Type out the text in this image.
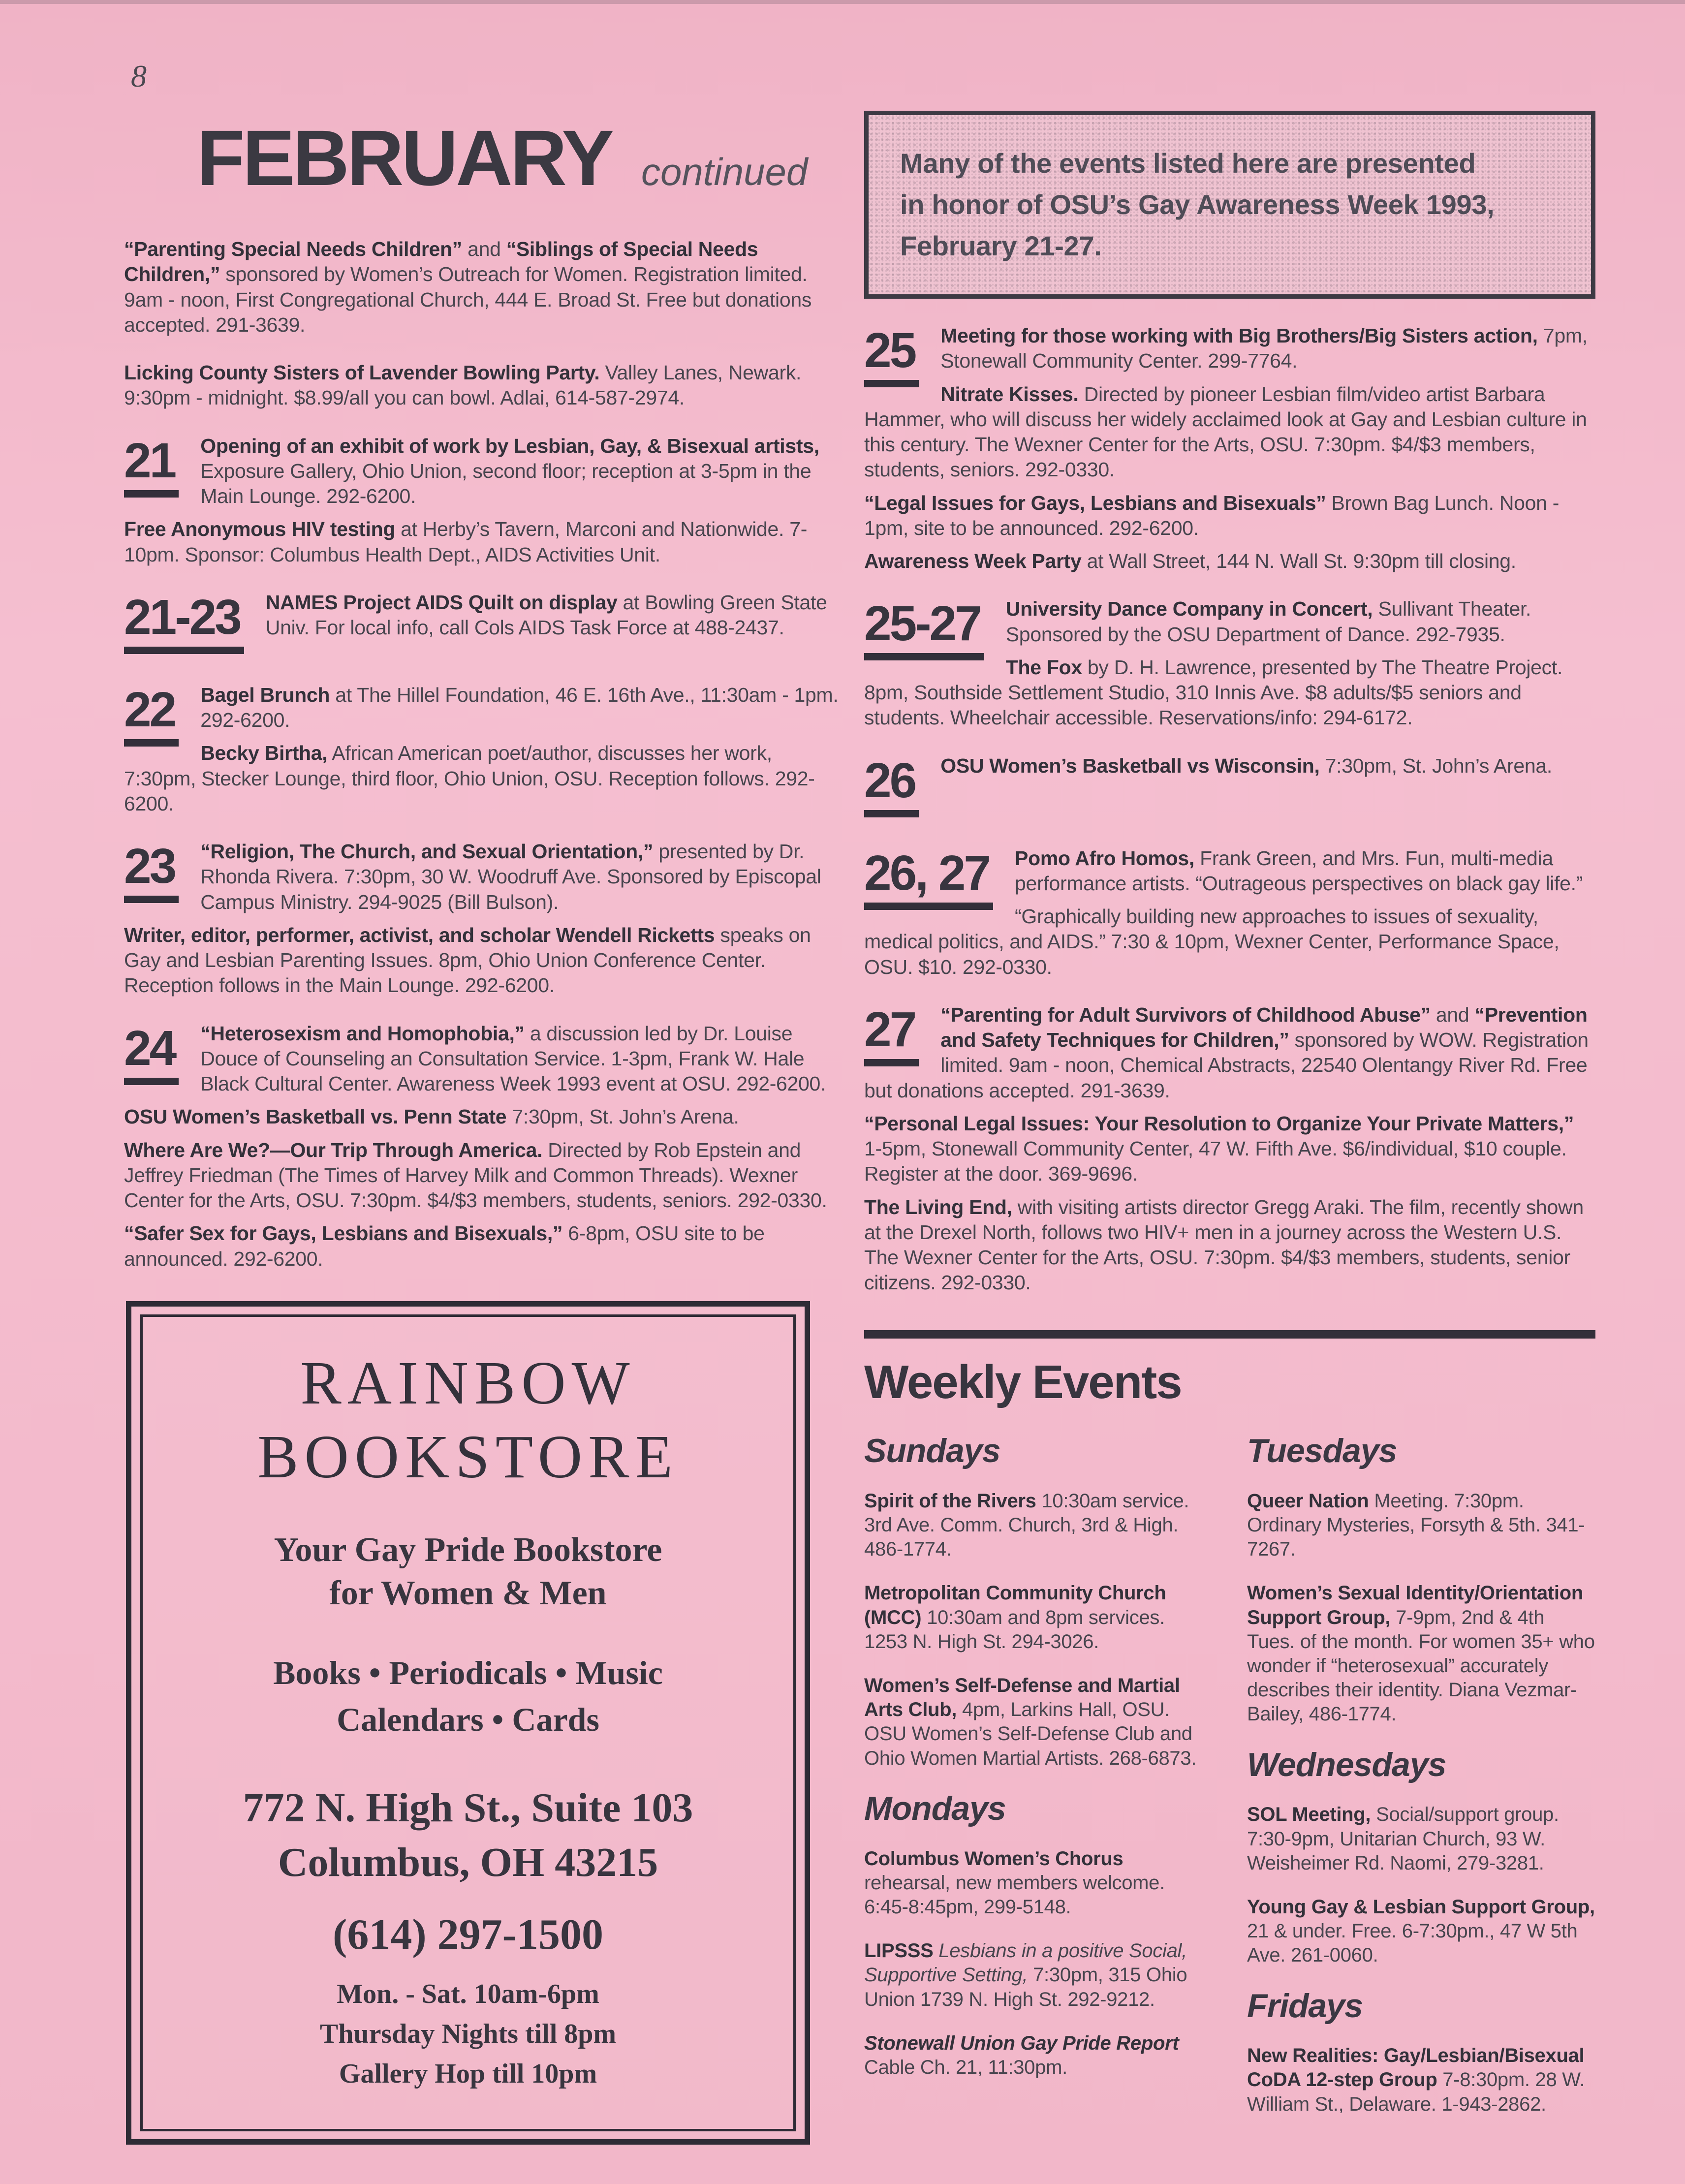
8
FEBRUARY continued

“Parenting Special Needs Children” and “Siblings of Special Needs Children,” sponsored by Women’s Outreach for Women. Registration limited. 9am - noon, First Congregational Church, 444 E. Broad St. Free but donations accepted. 291-3639.

Licking County Sisters of Lavender Bowling Party. Valley Lanes, Newark. 9:30pm - midnight. $8.99/all you can bowl. Adlai, 614-587-2974.

21	Opening of an exhibit of work by Lesbian, Gay, & Bisexual artists, Exposure Gallery, Ohio Union, second floor; reception at 3-5pm in the Main Lounge. 292-6200.

Free Anonymous HIV testing at Herby’s Tavern, Marconi and Nationwide. 7-10pm. Sponsor: Columbus Health Dept., AIDS Activities Unit.

21-23	NAMES Project AIDS Quilt on display at Bowling Green State Univ. For local info, call Cols AIDS Task Force at 488-2437.

22	Bagel Brunch at The Hillel Foundation, 46 E. 16th Ave., 11:30am - 1pm. 292-6200.

Becky Birtha, African American poet/author, discusses her work, 7:30pm, Stecker Lounge, third floor, Ohio Union, OSU. Reception follows. 292-6200.

23	“Religion, The Church, and Sexual Orientation,” presented by Dr. Rhonda Rivera. 7:30pm, 30 W. Woodruff Ave. Sponsored by Episcopal Campus Ministry. 294-9025 (Bill Bulson).

Writer, editor, performer, activist, and scholar Wendell Ricketts speaks on Gay and Lesbian Parenting Issues. 8pm, Ohio Union Conference Center. Reception follows in the Main Lounge. 292-6200.

24	“Heterosexism and Homophobia,” a discussion led by Dr. Louise Douce of Counseling an Consultation Service. 1-3pm, Frank W. Hale Black Cultural Center. Awareness Week 1993 event at OSU. 292-6200.

OSU Women’s Basketball vs. Penn State 7:30pm, St. John’s Arena.

Where Are We?—Our Trip Through America. Directed by Rob Epstein and Jeffrey Friedman (The Times of Harvey Milk and Common Threads). Wexner Center for the Arts, OSU. 7:30pm. $4/$3 members, students, seniors. 292-0330.

“Safer Sex for Gays, Lesbians and Bisexuals,” 6-8pm, OSU site to be announced. 292-6200.

RAINBOW
BOOKSTORE
Your Gay Pride Bookstore
for Women & Men
Books • Periodicals • Music
Calendars • Cards
772 N. High St., Suite 103
Columbus, OH 43215
(614) 297-1500
Mon. - Sat. 10am-6pm
Thursday Nights till 8pm
Gallery Hop till 10pm
Many of the events listed here are presented
in honor of OSU’s Gay Awareness Week 1993,
February 21-27.
25	Meeting for those working with Big Brothers/Big Sisters action, 7pm, Stonewall Community Center. 299-7764.

Nitrate Kisses. Directed by pioneer Lesbian film/video artist Barbara Hammer, who will discuss her widely acclaimed look at Gay and Lesbian culture in this century. The Wexner Center for the Arts, OSU. 7:30pm. $4/$3 members, students, seniors. 292-0330.

“Legal Issues for Gays, Lesbians and Bisexuals” Brown Bag Lunch. Noon - 1pm, site to be announced. 292-6200.

Awareness Week Party at Wall Street, 144 N. Wall St. 9:30pm till closing.

25-27	University Dance Company in Concert, Sullivant Theater. Sponsored by the OSU Department of Dance. 292-7935.

The Fox by D. H. Lawrence, presented by The Theatre Project. 8pm, Southside Settlement Studio, 310 Innis Ave. $8 adults/$5 seniors and students. Wheelchair accessible. Reservations/info: 294-6172.

26	OSU Women’s Basketball vs Wisconsin, 7:30pm, St. John’s Arena.

26, 27	Pomo Afro Homos, Frank Green, and Mrs. Fun, multi-media performance artists. “Outrageous perspectives on black gay life.”

“Graphically building new approaches to issues of sexuality, medical politics, and AIDS.” 7:30 & 10pm, Wexner Center, Performance Space, OSU. $10. 292-0330.

27	“Parenting for Adult Survivors of Childhood Abuse” and “Prevention and Safety Techniques for Children,” sponsored by WOW. Registration limited. 9am - noon, Chemical Abstracts, 22540 Olentangy River Rd. Free but donations accepted. 291-3639.

“Personal Legal Issues: Your Resolution to Organize Your Private Matters,” 1-5pm, Stonewall Community Center, 47 W. Fifth Ave. $6/individual, $10 couple. Register at the door. 369-9696.

The Living End, with visiting artists director Gregg Araki. The film, recently shown at the Drexel North, follows two HIV+ men in a journey across the Western U.S. The Wexner Center for the Arts, OSU. 7:30pm. $4/$3 members, students, senior citizens. 292-0330.

Weekly Events
Sundays

Spirit of the Rivers 10:30am service. 3rd Ave. Comm. Church, 3rd & High. 486-1774.

Metropolitan Community Church (MCC) 10:30am and 8pm services. 1253 N. High St. 294-3026.

Women’s Self-Defense and Martial Arts Club, 4pm, Larkins Hall, OSU. OSU Women’s Self-Defense Club and Ohio Women Martial Artists. 268-6873.

Mondays

Columbus Women’s Chorus rehearsal, new members welcome. 6:45-8:45pm, 299-5148.

LIPSSS Lesbians in a positive Social, Supportive Setting, 7:30pm, 315 Ohio Union 1739 N. High St. 292-9212.

Stonewall Union Gay Pride Report Cable Ch. 21, 11:30pm.

Tuesdays

Queer Nation Meeting. 7:30pm. Ordinary Mysteries, Forsyth & 5th. 341-7267.

Women’s Sexual Identity/Orientation Support Group, 7-9pm, 2nd & 4th Tues. of the month. For women 35+ who wonder if “heterosexual” accurately describes their identity. Diana Vezmar-Bailey, 486-1774.

Wednesdays

SOL Meeting, Social/support group. 7:30-9pm, Unitarian Church, 93 W. Weisheimer Rd. Naomi, 279-3281.

Young Gay & Lesbian Support Group, 21 & under. Free. 6-7:30pm., 47 W 5th Ave. 261-0060.

Fridays

New Realities: Gay/Lesbian/Bisexual CoDA 12-step Group 7-8:30pm. 28 W. William St., Delaware. 1-943-2862.
